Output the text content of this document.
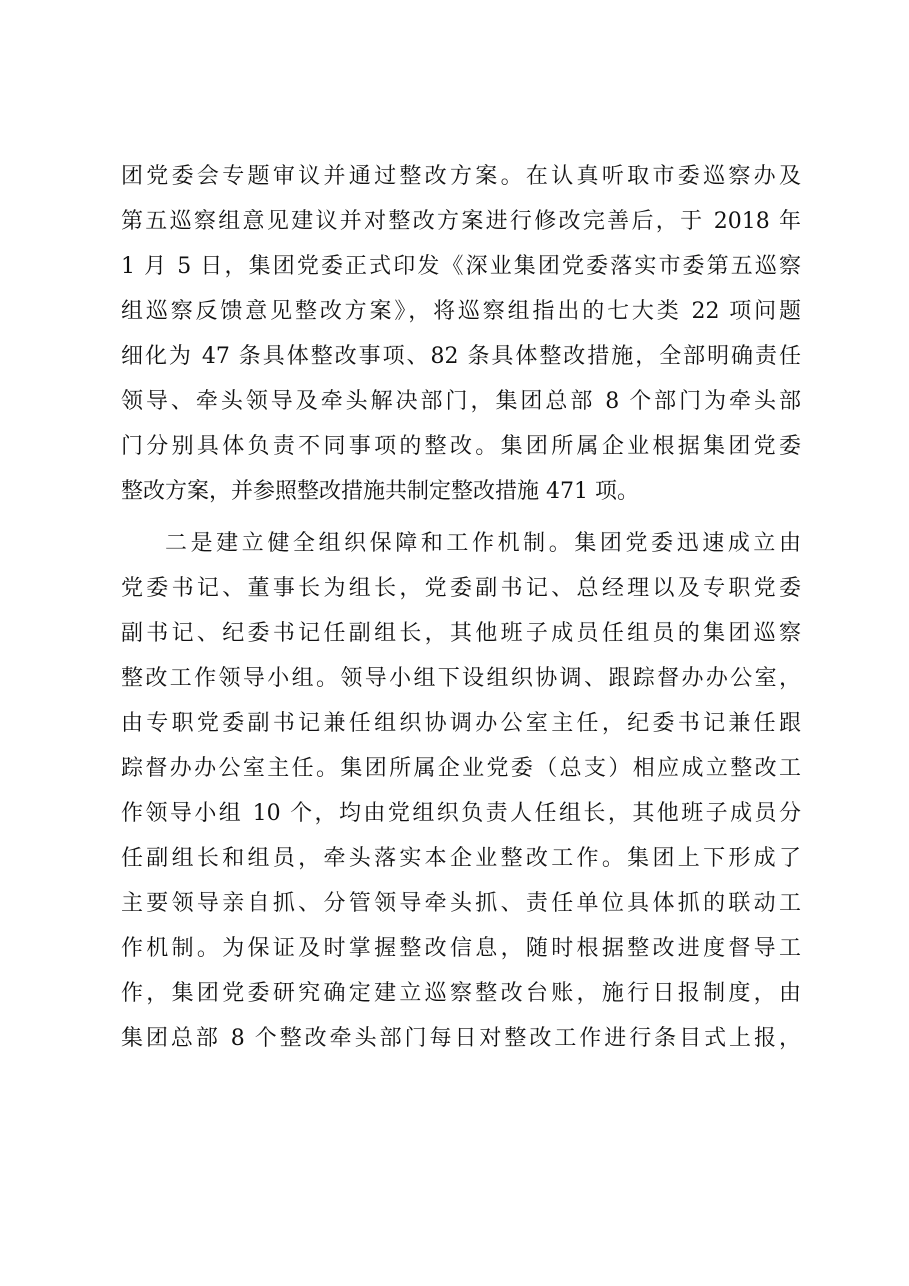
团党委会专题审议并通过整改方案。在认真听取市委巡察办及
第五巡察组意见建议并对整改方案进行修改完善后，于 2018 年
1 月 5 日，集团党委正式印发《深业集团党委落实市委第五巡察
组巡察反馈意见整改方案》，将巡察组指出的七大类 22 项问题
细化为 47 条具体整改事项、82 条具体整改措施，全部明确责任
领导、牵头领导及牵头解决部门，集团总部 8 个部门为牵头部
门分别具体负责不同事项的整改。集团所属企业根据集团党委
整改方案，并参照整改措施共制定整改措施 471 项。
二是建立健全组织保障和工作机制。集团党委迅速成立由
党委书记、董事长为组长，党委副书记、总经理以及专职党委
副书记、纪委书记任副组长，其他班子成员任组员的集团巡察
整改工作领导小组。领导小组下设组织协调、跟踪督办办公室，
由专职党委副书记兼任组织协调办公室主任，纪委书记兼任跟
踪督办办公室主任。集团所属企业党委（总支）相应成立整改工
作领导小组 10 个，均由党组织负责人任组长，其他班子成员分
任副组长和组员，牵头落实本企业整改工作。集团上下形成了
主要领导亲自抓、分管领导牵头抓、责任单位具体抓的联动工
作机制。为保证及时掌握整改信息，随时根据整改进度督导工
作，集团党委研究确定建立巡察整改台账，施行日报制度，由
集团总部 8 个整改牵头部门每日对整改工作进行条目式上报，
